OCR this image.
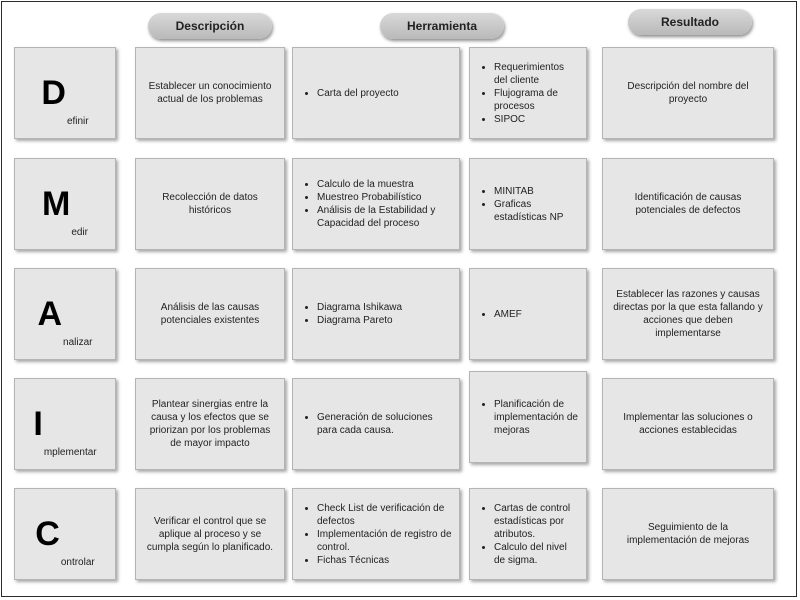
Descripción	Herramienta	Resultado
D
efinir
Establecer un conocimiento actual de los problemas
• Carta del proyecto
• Requerimientos del cliente
• Flujograma de procesos
• SIPOC
Descripción del nombre del proyecto
M
edir
Recolección de datos históricos
• Calculo de la muestra
• Muestreo Probabilístico
• Análisis de la Estabilidad y Capacidad del proceso
• MINITAB
• Graficas estadísticas NP
Identificación de causas potenciales de defectos
A
nalizar
Análisis de las causas potenciales existentes
• Diagrama Ishikawa
• Diagrama Pareto
• AMEF
Establecer las razones y causas directas por la que esta fallando y acciones que deben implementarse
I
mplementar
Plantear sinergias entre la causa y los efectos que se priorizan por los problemas de mayor impacto
• Generación de soluciones para cada causa.
• Planificación de implementación de mejoras
Implementar las soluciones o acciones establecidas
C
ontrolar
Verificar el control que se aplique al proceso y se cumpla según lo planificado.
• Check List de verificación de defectos
• Implementación de registro de control.
• Fichas Técnicas
• Cartas de control estadísticas por atributos.
• Calculo del nivel de sigma.
Seguimiento de la implementación de mejoras
